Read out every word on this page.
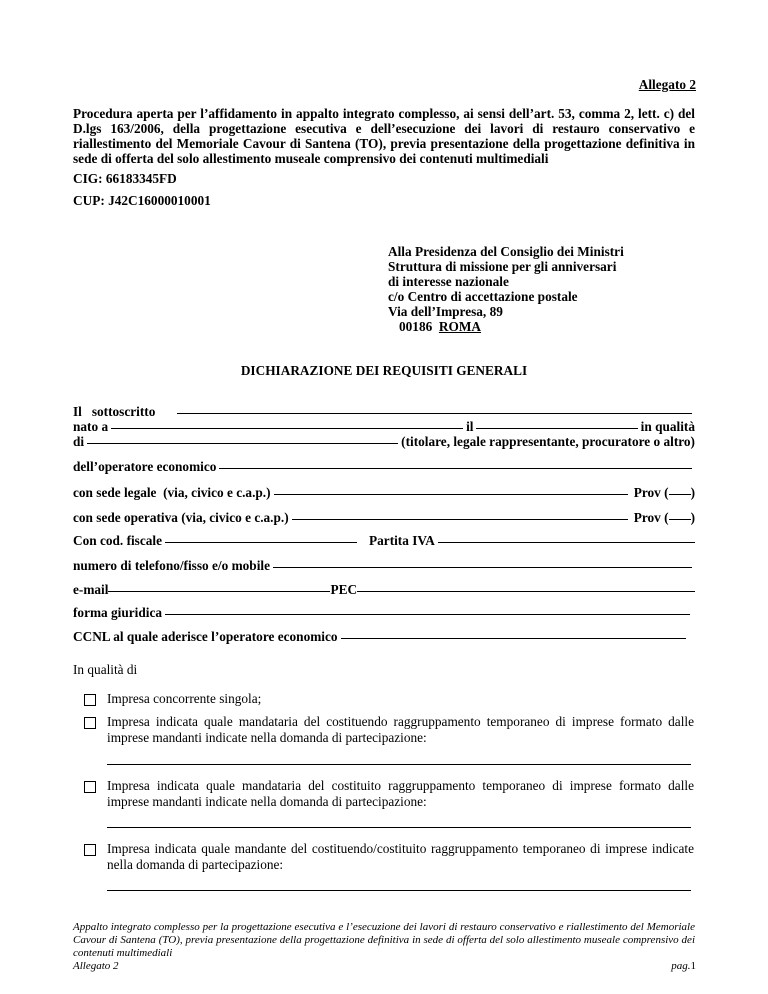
Allegato 2
Procedura aperta per l’affidamento in appalto integrato complesso, ai sensi dell’art. 53, comma 2, lett. c) del D.lgs 163/2006, della progettazione esecutiva e dell’esecuzione dei lavori di restauro conservativo e riallestimento del Memoriale Cavour di Santena (TO), previa presentazione della progettazione definitiva in sede di offerta del solo allestimento museale comprensivo dei contenuti multimediali
CIG: 66183345FD
CUP: J42C16000010001
Alla Presidenza del Consiglio dei Ministri
Struttura di missione per gli anniversari
di interesse nazionale
c/o Centro di accettazione postale
Via dell’Impresa, 89
00186 ROMA
DICHIARAZIONE DEI REQUISITI GENERALI
Il   sottoscritto
nato a	il	in qualità
di	(titolare, legale rappresentante, procuratore o altro)
dell’operatore economico
con sede legale  (via, civico e c.a.p.)	Prov ( )
con sede operativa (via, civico e c.a.p.)	Prov ( )
Con cod. fiscale	Partita IVA
numero di telefono/fisso e/o mobile
e-mail	PEC
forma giuridica
CCNL al quale aderisce l’operatore economico
In qualità di
Impresa concorrente singola;
Impresa indicata quale mandataria del costituendo raggruppamento temporaneo di imprese formato dalle imprese mandanti indicate nella domanda di partecipazione:
Impresa indicata quale mandataria del costituito raggruppamento temporaneo di imprese formato dalle imprese mandanti indicate nella domanda di partecipazione:
Impresa indicata quale mandante del costituendo/costituito raggruppamento temporaneo di imprese indicate nella domanda di partecipazione:
Appalto integrato complesso per la progettazione esecutiva e l’esecuzione dei lavori di restauro conservativo e riallestimento del Memoriale Cavour di Santena (TO), previa presentazione della progettazione definitiva in sede di offerta del solo allestimento museale comprensivo dei contenuti multimediali
Allegato 2	pag.1
